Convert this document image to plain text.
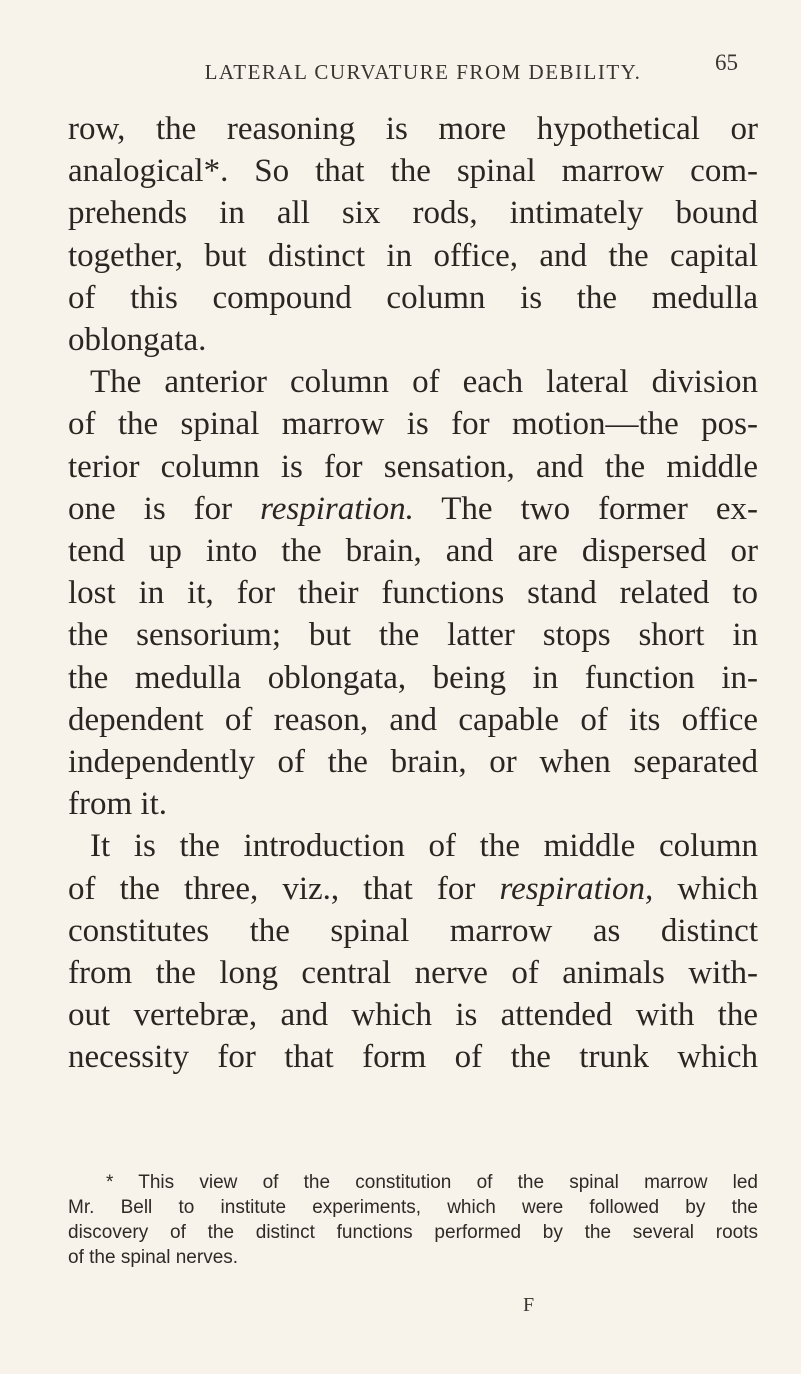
LATERAL CURVATURE FROM DEBILITY.	65
row, the reasoning is more hypothetical or
analogical*. So that the spinal marrow com-
prehends in all six rods, intimately bound
together, but distinct in office, and the capital
of this compound column is the medulla
oblongata.
The anterior column of each lateral division
of the spinal marrow is for motion—the pos-
terior column is for sensation, and the middle
one is for respiration. The two former ex-
tend up into the brain, and are dispersed or
lost in it, for their functions stand related to
the sensorium; but the latter stops short in
the medulla oblongata, being in function in-
dependent of reason, and capable of its office
independently of the brain, or when separated
from it.
It is the introduction of the middle column
of the three, viz., that for respiration, which
constitutes the spinal marrow as distinct
from the long central nerve of animals with-
out vertebræ, and which is attended with the
necessity for that form of the trunk which
* This view of the constitution of the spinal marrow led
Mr. Bell to institute experiments, which were followed by the
discovery of the distinct functions performed by the several roots
of the spinal nerves.
F
